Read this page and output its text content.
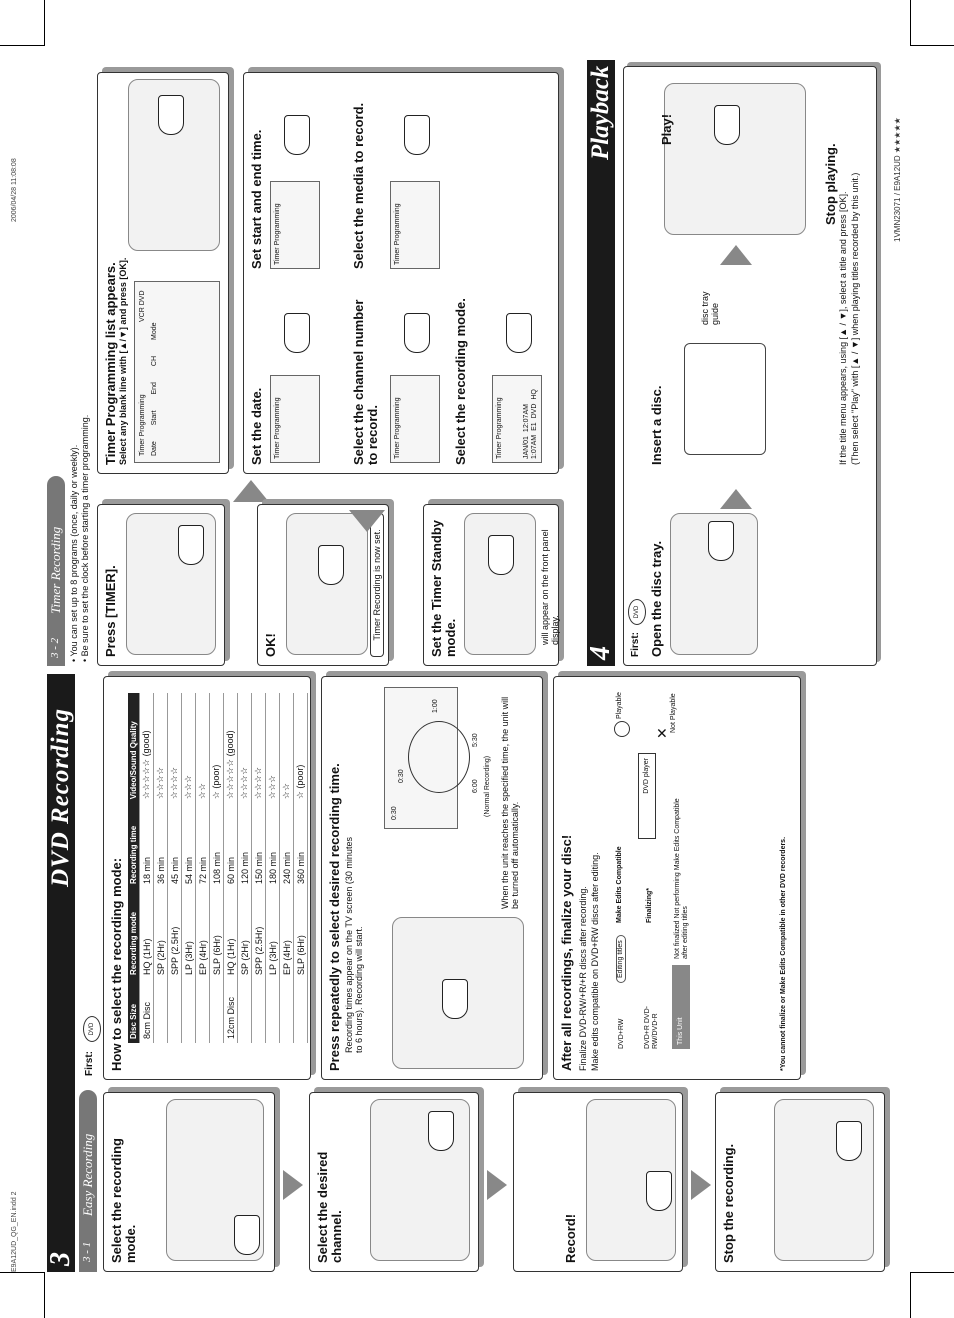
E9A12UD_QG_EN.indd 2
2006/04/28 11:08:08	1VMN23071 / E9A12UD ★★★★★
3
DVD Recording
3 - 1
Easy Recording
First:
DVD
Select the recording mode.	Select the desired channel.	Record!	Stop the recording.
How to select the recording mode: Disc Size	Recording mode	Recording time	Video/Sound Quality
8cm Disc	HQ (1Hr)	18 min	☆☆☆☆☆ (good)
	SP (2Hr)	36 min	☆☆☆☆
	SPP (2.5Hr)	45 min	☆☆☆☆
	LP (3Hr)	54 min	☆☆☆
	EP (4Hr)	72 min	☆☆
	SLP (6Hr)	108 min	☆ (poor)
12cm Disc	HQ (1Hr)	60 min	☆☆☆☆☆ (good)
	SP (2Hr)	120 min	☆☆☆☆
	SPP (2.5Hr)	150 min	☆☆☆☆
	LP (3Hr)	180 min	☆☆☆
	EP (4Hr)	240 min	☆☆
	SLP (6Hr)	360 min	☆ (poor) Press repeatedly to select desired recording time. Recording times appear on the TV screen (30 minutes to 6 hours). Recording will start.
0:30
0:30
1:00
5:30
6:00 (Normal Recording) When the unit reaches the specified time, the unit will be turned off automatically.	After all recordings, finalize your disc! Finalize DVD-RW/+R/+R discs after recording. Make edits compatible on DVD+RW discs after editing.	DVD+RW
Editing titles
Make Edits Compatible
DVD+R DVD-RW/DVD-R
Finalizing*
This Unit
Not finalized Not performing Make Edits Compatible after editing titles
DVD player
Playable
✕
Not Playable
*You cannot finalize or Make Edits Compatible in other DVD recorders.
3 - 2
Timer Recording
• You can set up to 8 programs (once, daily or weekly).
• Be sure to set the clock before starting a timer programming. Press [TIMER].
Timer Programming list appears. Select any blank line with [▲/▼] and press [OK]. Timer Programming
VCR DVD
Date Start End CH Mode
OK!
Timer Recording is now set.	Set the Timer Standby mode.	will appear on the front panel display.
Set the date.
Set start and end time.
Select the channel number to record.
Select the media to record.
Select the recording mode.
Timer Programming
Timer Programming
Timer Programming
Timer Programming
Timer Programming	JAN/01 12:07AM 1:07AM E1 DVD HQ
4
Playback
First:
DVD Open the disc tray.
Insert a disc.
disc tray guide
Play!
Stop playing.
If the title menu appears, using [▲ / ▼], select a title and press [OK]. (Then select "Play" with [▲ / ▼] when playing titles recorded by this unit.)
